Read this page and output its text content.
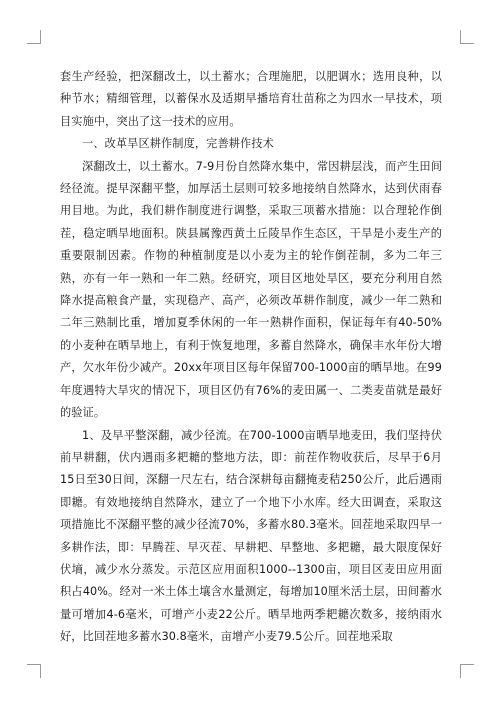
套生产经验，把深翻改土，以土蓄水；合理施肥，以肥调水；选用良种，以种节水；精细管理，以蓄保水及适期早播培育壮苗称之为四水一早技术，项目实施中，突出了这一技术的应用。

一、改革旱区耕作制度，完善耕作技术

深翻改土，以土蓄水。7-9月份自然降水集中，常因耕层浅，而产生田间经径流。提早深翻平整，加厚活土层则可较多地接纳自然降水，达到伏雨春用目地。为此，我们耕作制度进行调整，采取三项蓄水措施：以合理轮作倒茬，稳定晒旱地面积。陕县属豫西黄土丘陵旱作生态区，干旱是小麦生产的重要限制因素。作物的种植制度是以小麦为主的轮作倒茬制，多为二年三熟，亦有一年一熟和一年二熟。经研究，项目区地处旱区，要充分利用自然降水提高粮食产量，实现稳产、高产，必须改革耕作制度，减少一年二熟和二年三熟制比重，增加夏季休闲的一年一熟耕作面积，保证每年有40-50%的小麦种在晒旱地上，有利于恢复地理，多蓄自然降水，确保丰水年份大增产，欠水年份少减产。20xx年项目区每年保留700-1000亩的晒旱地。在99年度遇特大旱灾的情况下，项目区仍有76%的麦田属一、二类麦苗就是最好的验证。

1、及早平整深翻，减少径流。在700-1000亩晒旱地麦田，我们坚持伏前早耕翻，伏内遇雨多耙耱的整地方法，即：前茬作物收获后，尽早于6月15日至30日间，深翻一尺左右，结合深耕每亩翻掩麦秸250公斤，此后遇雨即耱。有效地接纳自然降水，建立了一个地下小水库。经大田调查，采取这项措施比不深翻平整的减少径流70%，多蓄水80.3毫米。回茬地采取四早一多耕作法，即：早腾茬、早灭茬、早耕耙、早整地、多耙耱，最大限度保好伏墒，减少水分蒸发。示范区应用面积1000--1300亩，项目区麦田应用面积占40%。经对一米土体土壤含水量测定，每增加10厘米活土层，田间蓄水量可增加4-6毫米，可增产小麦22公斤。晒旱地两季耙耱次数多，接纳雨水好，比回茬地多蓄水30.8毫米，亩增产小麦79.5公斤。回茬地采取
